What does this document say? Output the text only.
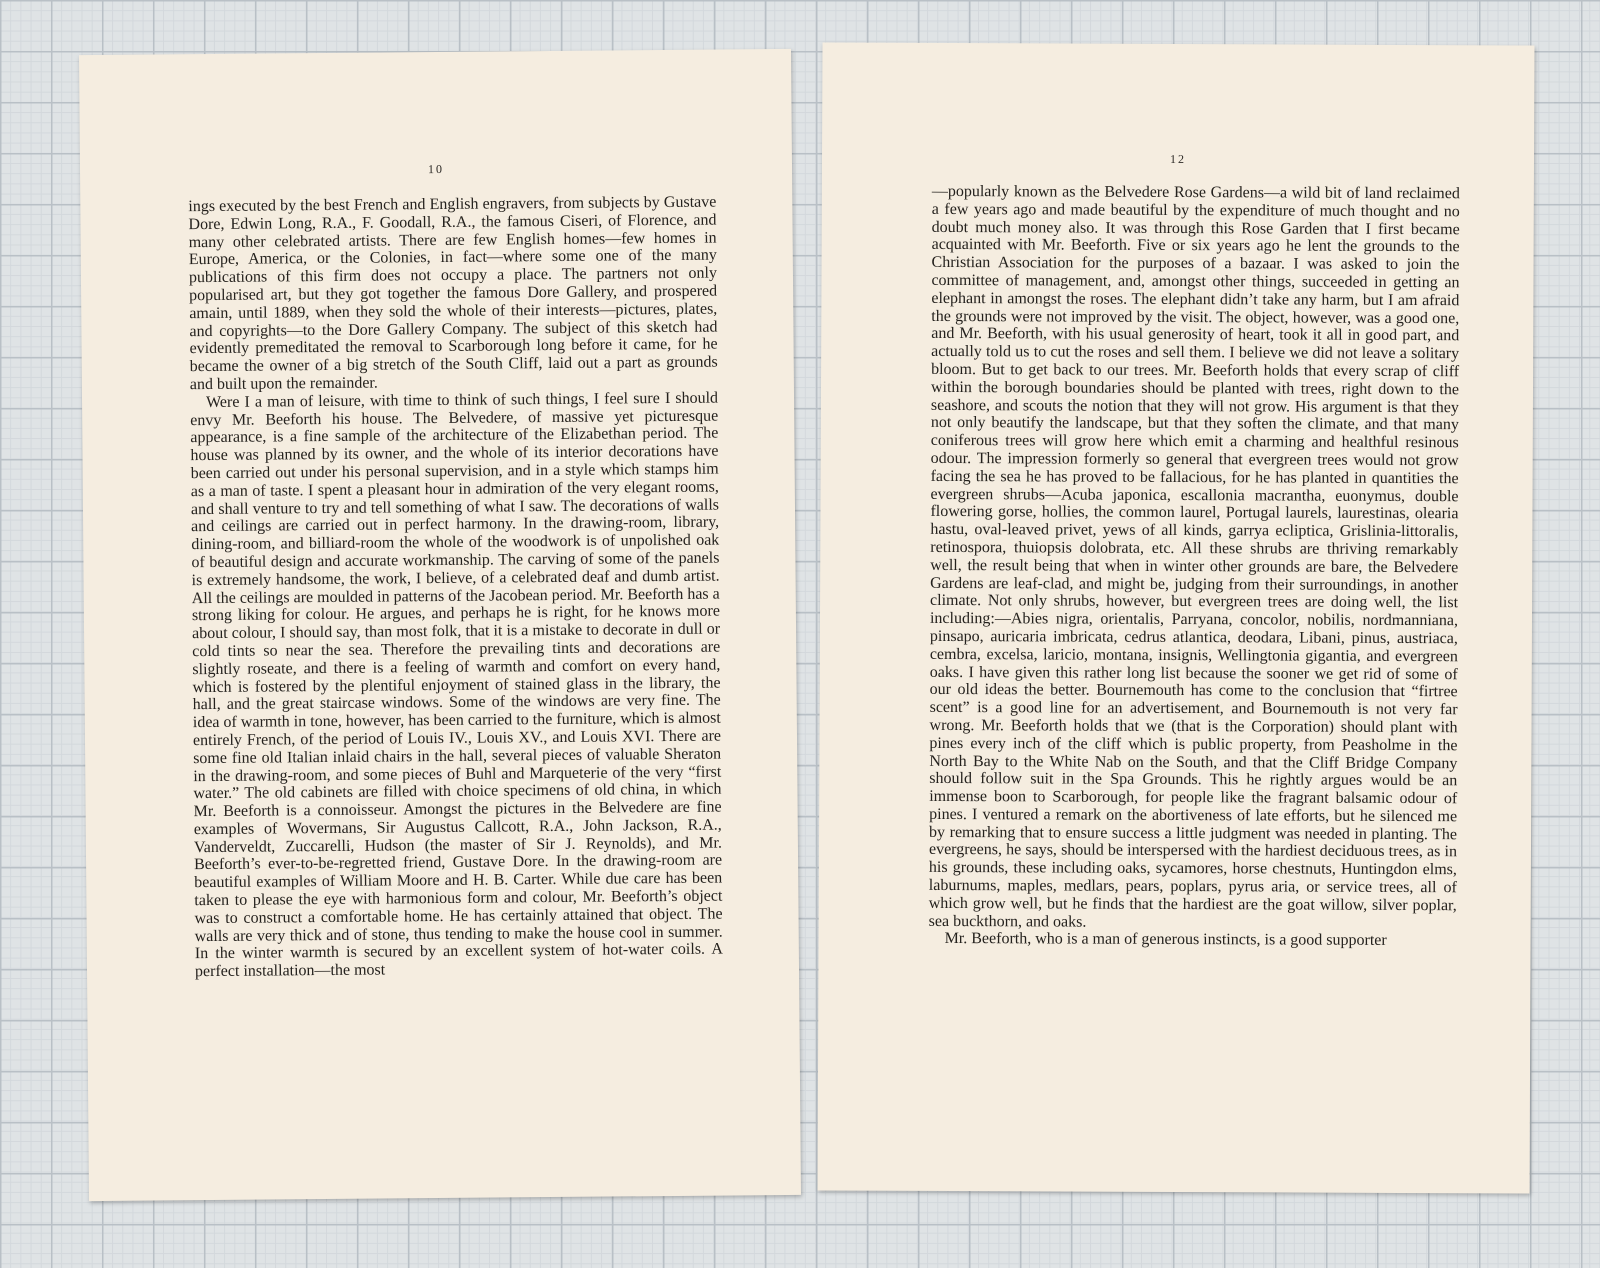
10

ings executed by the best French and English engravers, from subjects by Gustave Dore, Edwin Long, R.A., F. Goodall, R.A., the famous Ciseri, of Florence, and many other celebrated artists. There are few English homes—few homes in Europe, America, or the Colonies, in fact—where some one of the many publications of this firm does not occupy a place. The partners not only popularised art, but they got together the famous Dore Gallery, and prospered amain, until 1889, when they sold the whole of their interests—pictures, plates, and copyrights—to the Dore Gallery Company. The subject of this sketch had evidently premeditated the removal to Scarborough long before it came, for he became the owner of a big stretch of the South Cliff, laid out a part as grounds and built upon the remainder.

Were I a man of leisure, with time to think of such things, I feel sure I should envy Mr. Beeforth his house. The Belvedere, of massive yet picturesque appearance, is a fine sample of the architecture of the Elizabethan period. The house was planned by its owner, and the whole of its interior decorations have been carried out under his personal supervision, and in a style which stamps him as a man of taste. I spent a pleasant hour in admiration of the very elegant rooms, and shall venture to try and tell something of what I saw. The decorations of walls and ceilings are carried out in perfect harmony. In the drawing-room, library, dining-room, and billiard-room the whole of the woodwork is of unpolished oak of beautiful design and accurate workmanship. The carving of some of the panels is extremely handsome, the work, I believe, of a celebrated deaf and dumb artist. All the ceilings are moulded in patterns of the Jacobean period. Mr. Beeforth has a strong liking for colour. He argues, and perhaps he is right, for he knows more about colour, I should say, than most folk, that it is a mistake to decorate in dull or cold tints so near the sea. Therefore the prevailing tints and decorations are slightly roseate, and there is a feeling of warmth and comfort on every hand, which is fostered by the plentiful enjoyment of stained glass in the library, the hall, and the great staircase windows. Some of the windows are very fine. The idea of warmth in tone, however, has been carried to the furniture, which is almost entirely French, of the period of Louis IV., Louis XV., and Louis XVI. There are some fine old Italian inlaid chairs in the hall, several pieces of valuable Sheraton in the drawing-room, and some pieces of Buhl and Marqueterie of the very “first water.” The old cabinets are filled with choice specimens of old china, in which Mr. Beeforth is a connoisseur. Amongst the pictures in the Belvedere are fine examples of Wovermans, Sir Augustus Callcott, R.A., John Jackson, R.A., Vanderveldt, Zuccarelli, Hudson (the master of Sir J. Reynolds), and Mr. Beeforth’s ever-to-be-regretted friend, Gustave Dore. In the drawing-room are beautiful examples of William Moore and H. B. Carter. While due care has been taken to please the eye with harmonious form and colour, Mr. Beeforth’s object was to construct a comfortable home. He has certainly attained that object. The walls are very thick and of stone, thus tending to make the house cool in summer. In the winter warmth is secured by an excellent system of hot-water coils. A perfect installation—the most

12

—popularly known as the Belvedere Rose Gardens—a wild bit of land reclaimed a few years ago and made beautiful by the expenditure of much thought and no doubt much money also. It was through this Rose Garden that I first became acquainted with Mr. Beeforth. Five or six years ago he lent the grounds to the Christian Association for the purposes of a bazaar. I was asked to join the committee of management, and, amongst other things, succeeded in getting an elephant in amongst the roses. The elephant didn’t take any harm, but I am afraid the grounds were not improved by the visit. The object, however, was a good one, and Mr. Beeforth, with his usual generosity of heart, took it all in good part, and actually told us to cut the roses and sell them. I believe we did not leave a solitary bloom. But to get back to our trees. Mr. Beeforth holds that every scrap of cliff within the borough boundaries should be planted with trees, right down to the seashore, and scouts the notion that they will not grow. His argument is that they not only beautify the landscape, but that they soften the climate, and that many coniferous trees will grow here which emit a charming and healthful resinous odour. The impression formerly so general that evergreen trees would not grow facing the sea he has proved to be fallacious, for he has planted in quantities the evergreen shrubs—Acuba japonica, escallonia macrantha, euonymus, double flowering gorse, hollies, the common laurel, Portugal laurels, laurestinas, olearia hastu, oval-leaved privet, yews of all kinds, garrya ecliptica, Grislinia-littoralis, retinospora, thuiopsis dolobrata, etc. All these shrubs are thriving remarkably well, the result being that when in winter other grounds are bare, the Belvedere Gardens are leaf-clad, and might be, judging from their surroundings, in another climate. Not only shrubs, however, but evergreen trees are doing well, the list including:—Abies nigra, orientalis, Parryana, concolor, nobilis, nordmanniana, pinsapo, auricaria imbricata, cedrus atlantica, deodara, Libani, pinus, austriaca, cembra, excelsa, laricio, montana, insignis, Wellingtonia gigantia, and evergreen oaks. I have given this rather long list because the sooner we get rid of some of our old ideas the better. Bournemouth has come to the conclusion that “firtree scent” is a good line for an advertisement, and Bournemouth is not very far wrong. Mr. Beeforth holds that we (that is the Corporation) should plant with pines every inch of the cliff which is public property, from Peasholme in the North Bay to the White Nab on the South, and that the Cliff Bridge Company should follow suit in the Spa Grounds. This he rightly argues would be an immense boon to Scarborough, for people like the fragrant balsamic odour of pines. I ventured a remark on the abortiveness of late efforts, but he silenced me by remarking that to ensure success a little judgment was needed in planting. The evergreens, he says, should be interspersed with the hardiest deciduous trees, as in his grounds, these including oaks, sycamores, horse chestnuts, Huntingdon elms, laburnums, maples, medlars, pears, poplars, pyrus aria, or service trees, all of which grow well, but he finds that the hardiest are the goat willow, silver poplar, sea buckthorn, and oaks.

Mr. Beeforth, who is a man of generous instincts, is a good supporter
